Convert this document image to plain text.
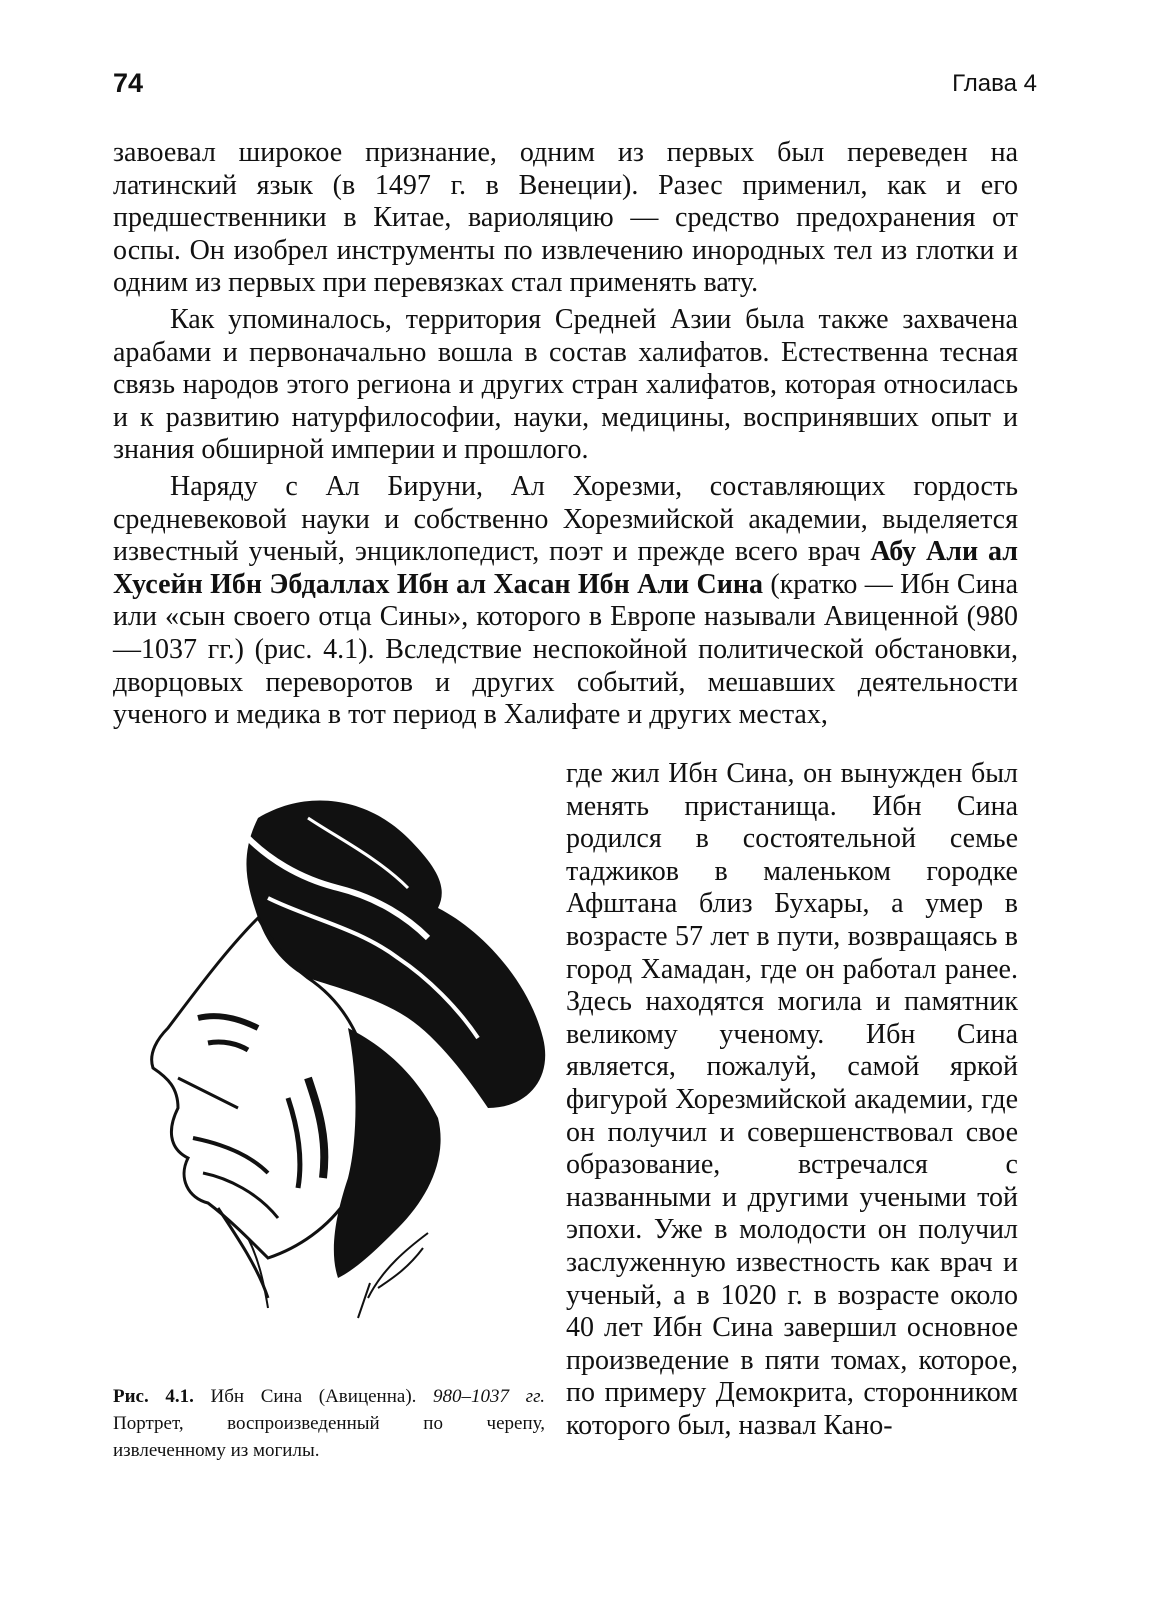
74	Глава 4

завоевал широкое признание, одним из первых был переведен на латинский язык (в 1497 г. в Венеции). Разес применил, как и его предшественники в Китае, вариоляцию — средство предохранения от оспы. Он изобрел инструменты по извлечению инородных тел из глотки и одним из первых при перевязках стал применять вату.

Как упоминалось, территория Средней Азии была также захвачена арабами и первоначально вошла в состав халифатов. Естественна тесная связь народов этого региона и других стран халифатов, которая относилась и к развитию натурфилософии, науки, медицины, воспринявших опыт и знания обширной империи и прошлого.

Наряду с Ал Бируни, Ал Хорезми, составляющих гордость средневековой науки и собственно Хорезмийской академии, выделяется известный ученый, энциклопедист, поэт и прежде всего врач Абу Али ал Хусейн Ибн Эбдаллах Ибн ал Хасан Ибн Али Сина (кратко — Ибн Сина или «сын своего отца Сины», которого в Европе называли Авиценной (980—1037 гг.) (рис. 4.1). Вследствие неспокойной политической обстановки, дворцовых переворотов и других событий, мешавших деятельности ученого и медика в тот период в Халифате и других местах,

где жил Ибн Сина, он вынужден был менять пристанища. Ибн Сина родился в состоятельной семье таджиков в маленьком городке Афштана близ Бухары, а умер в возрасте 57 лет в пути, возвращаясь в город Хамадан, где он работал ранее. Здесь находятся могила и памятник великому ученому. Ибн Сина является, пожалуй, самой яркой фигурой Хорезмийской академии, где он получил и совершенствовал свое образование, встречался с названными и другими учеными той эпохи. Уже в молодости он получил заслуженную известность как врач и ученый, а в 1020 г. в возрасте около 40 лет Ибн Сина завершил основное произведение в пяти томах, которое, по примеру Демокрита, сторонником которого был, назвал Кано-

Рис. 4.1. Ибн Сина (Авиценна). 980–1037 гг. Портрет, воспроизведенный по черепу, извлеченному из могилы.
